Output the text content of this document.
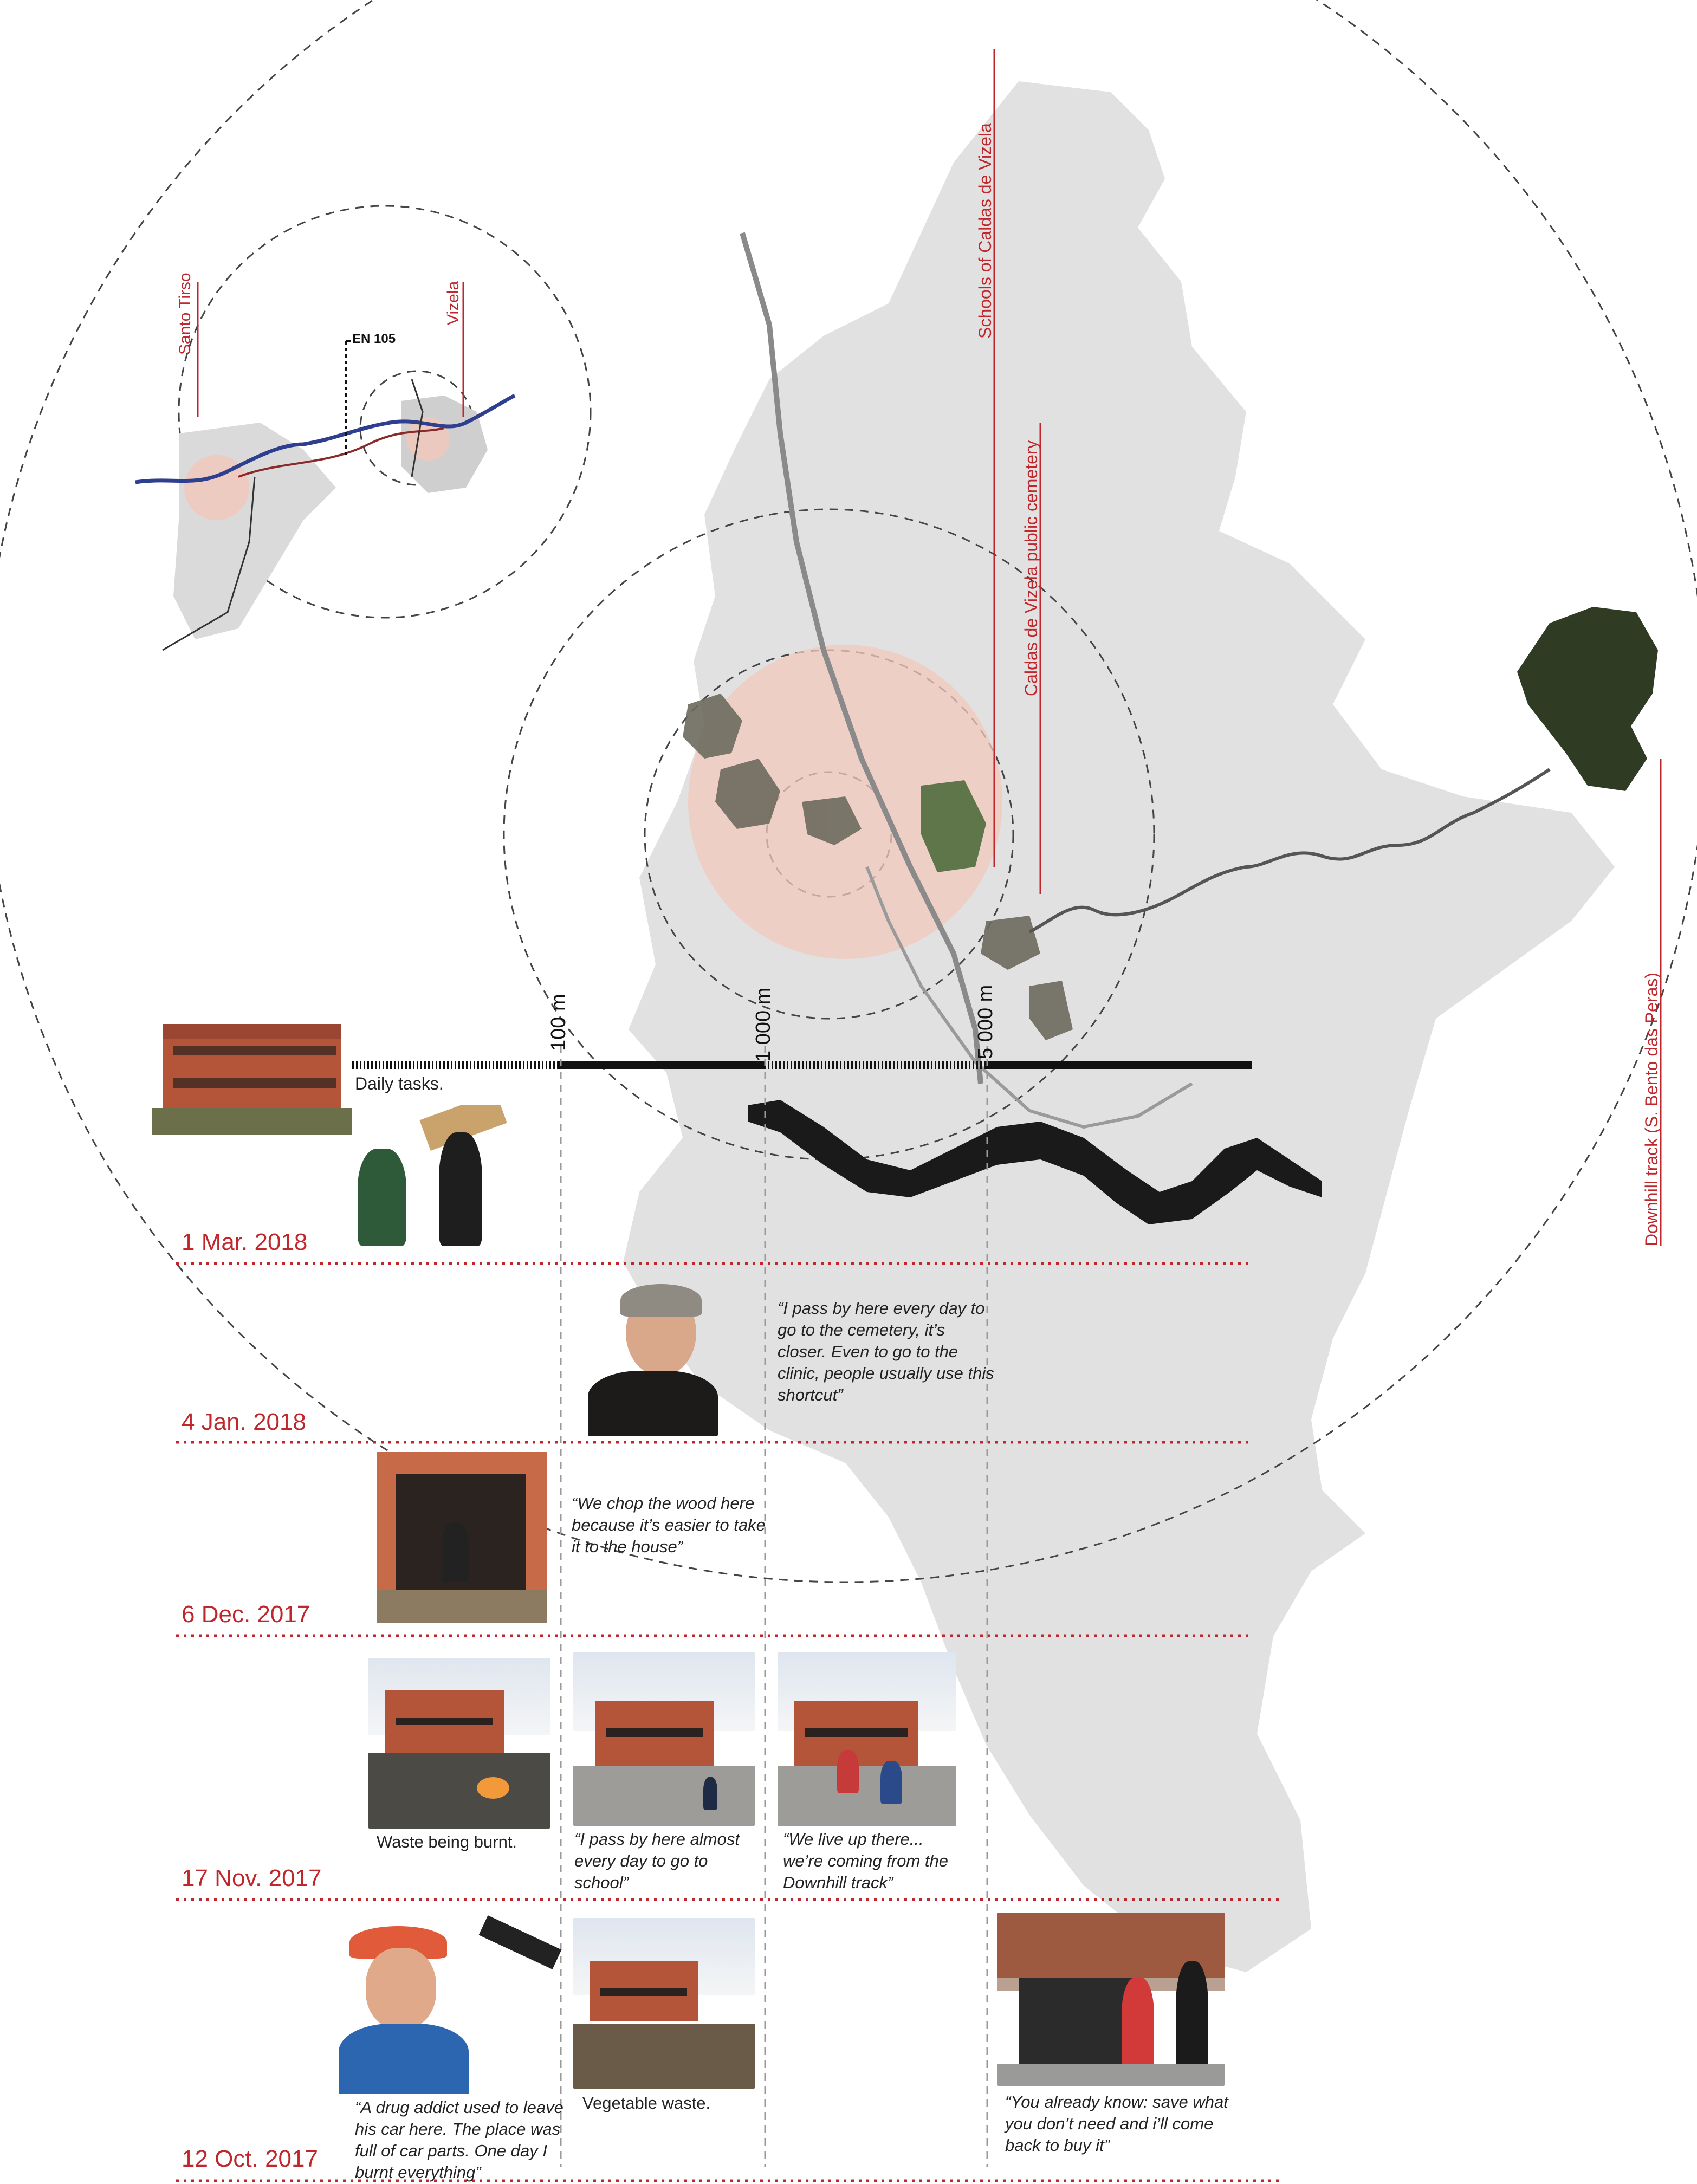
Santo Tirso	Vizela
EN 105
Schools of Caldas de Vizela
Caldas de Vizela public cemetery
Downhill track (S. Bento das Peras)
100 m	1 000 m	5 000 m
Daily tasks.
Waste being burnt.
Vegetable waste.
1 Mar. 2018
4 Jan. 2018
6 Dec. 2017
17 Nov. 2017
12 Oct. 2017
“I pass by here every day to go to the cemetery, it’s closer. Even to go to the clinic, people usually use this shortcut”
“We chop the wood here because it’s easier to take it to the house”
“I pass by here almost every day to go to school”
“We live up there... we’re coming from the Downhill track”
“A drug addict used to leave his car here. The place was full of car parts. One day I burnt everything”
“You already know: save what you don’t need and i’ll come back to buy it”
